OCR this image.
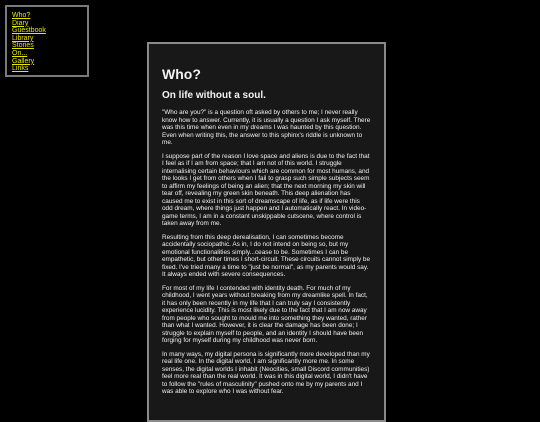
Who?
Diary
Guestbook
Library
Stories
On...
Gallery
Links	Who?
On life without a soul.

"Who are you?" is a question oft asked by others to me; I never really know how to answer. Currently, it is usually a question I ask myself. There was this time when even in my dreams I was haunted by this question. Even when writing this, the answer to this sphinx's riddle is unknown to me.

I suppose part of the reason I love space and aliens is due to the fact that I feel as if I am from space; that I am not of this world. I struggle internalising certain behaviours which are common for most humans, and the looks I get from others when I fail to grasp such simple subjects seem to affirm my feelings of being an alien; that the next morning my skin will tear off, revealing my green skin beneath. This deep alienation has caused me to exist in this sort of dreamscape of life, as if life were this odd dream, where things just happen and I automatically react. In video-game terms, I am in a constant unskippable cutscene, where control is taken away from me.

Resulting from this deep derealisation, I can sometimes become accidentally sociopathic. As in, I do not intend on being so, but my emotional functionalities simply...cease to be. Sometimes I can be empathetic, but other times I short-circuit. These circuits cannot simply be fixed. I've tried many a time to "just be normal", as my parents would say. It always ended with severe consequences.

For most of my life I contended with identity death. For much of my childhood, I went years without breaking from my dreamlike spell. In fact, it has only been recently in my life that I can truly say I consistently experience lucidity. This is most likely due to the fact that I am now away from people who sought to mould me into something they wanted, rather than what I wanted. However, it is clear the damage has been done; I struggle to explain myself to people, and an identity I should have been forging for myself during my childhood was never born.

In many ways, my digital persona is significantly more developed than my real life one. In the digital world, I am significantly more me. In some senses, the digital worlds I inhabit (Neocities, small Discord communities) feel more real than the real world. It was in this digital world, I didn't have to follow the "rules of masculinity" pushed onto me by my parents and I was able to explore who I was without fear.
